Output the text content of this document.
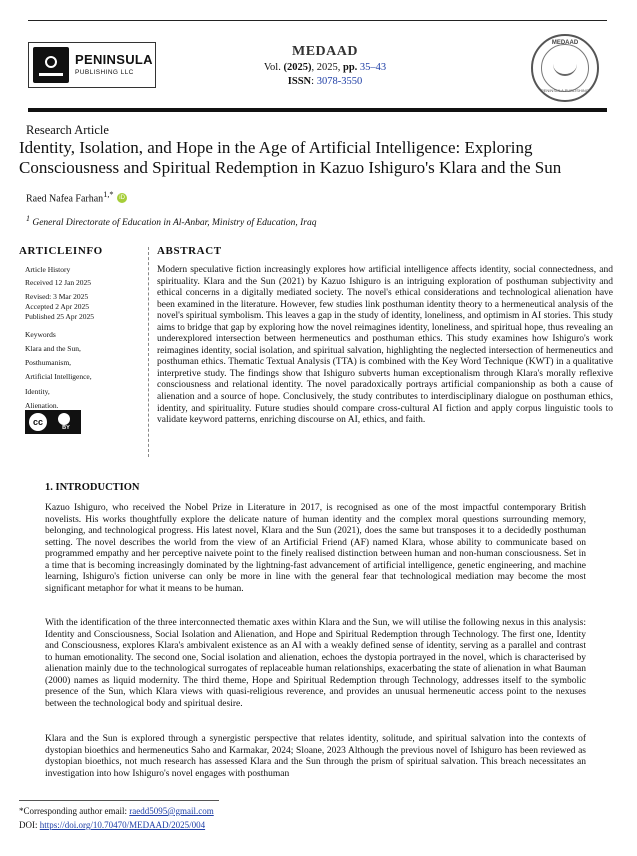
PENINSULA
PUBLISHING LLC
MEDAAD
Vol. (2025), 2025, pp. 35–43
ISSN: 3078-3550
MEDAAD
PENINSULA PUBLISHING
Research Article
Identity, Isolation, and Hope in the Age of Artificial Intelligence: Exploring Consciousness and Spiritual Redemption in Kazuo Ishiguro's Klara and the Sun
Raed Nafea Farhan$^{1,*}$ iD
$^1$ General Directorate of Education in Al-Anbar, Ministry of Education, Iraq
ARTICLEINFO
Article History
Received 12 Jan 2025
Revised: 3 Mar 2025
Accepted 2 Apr 2025
Published 25 Apr 2025
Keywords
Klara and the Sun,
Posthumanism,
Artificial Intelligence,
Identity,
Alienation.
cc
BY
ABSTRACT
Modern speculative fiction increasingly explores how artificial intelligence affects identity, social connectedness, and spirituality. Klara and the Sun (2021) by Kazuo Ishiguro is an intriguing exploration of posthuman subjectivity and ethical concerns in a digitally mediated society. The novel's ethical considerations and technological alienation have been examined in the literature. However, few studies link posthuman identity theory to a hermeneutical analysis of the novel's spiritual symbolism. This leaves a gap in the study of identity, loneliness, and optimism in AI stories. This study aims to bridge that gap by exploring how the novel reimagines identity, loneliness, and spiritual hope, thus revealing an underexplored intersection between hermeneutics and posthuman ethics. This study examines how Ishiguro's work reimagines identity, social isolation, and spiritual salvation, highlighting the neglected intersection of hermeneutics and posthuman ethics. Thematic Textual Analysis (TTA) is combined with the Key Word Technique (KWT) in a qualitative interpretive study. The findings show that Ishiguro subverts human exceptionalism through Klara's morally reflexive consciousness and relational identity. The novel paradoxically portrays artificial companionship as both a cause of alienation and a source of hope. Conclusively, the study contributes to interdisciplinary dialogue on posthuman ethics, identity, and spirituality. Future studies should compare cross-cultural AI fiction and apply corpus linguistic tools to validate keyword patterns, enriching discourse on AI, ethics, and faith.
1. INTRODUCTION
Kazuo Ishiguro, who received the Nobel Prize in Literature in 2017, is recognised as one of the most impactful contemporary British novelists. His works thoughtfully explore the delicate nature of human identity and the complex moral questions surrounding memory, belonging, and technological progress. His latest novel, Klara and the Sun (2021), does the same but transposes it to a decidedly posthuman setting. The novel describes the world from the view of an Artificial Friend (AF) named Klara, whose ability to communicate based on programmed empathy and her perceptive naivete point to the finely realised distinction between human and non-human consciousness. Set in a time that is becoming increasingly dominated by the lightning-fast advancement of artificial intelligence, genetic engineering, and machine learning, Ishiguro's fiction universe can only be more in line with the general fear that technological mediation may become the most significant metaphor for what it means to be human.
With the identification of the three interconnected thematic axes within Klara and the Sun, we will utilise the following nexus in this analysis: Identity and Consciousness, Social Isolation and Alienation, and Hope and Spiritual Redemption through Technology. The first one, Identity and Consciousness, explores Klara's ambivalent existence as an AI with a weakly defined sense of identity, serving as a parallel and contrast to human emotionality. The second one, Social isolation and alienation, echoes the dystopia portrayed in the novel, which is characterised by alienation mainly due to the technological surrogates of replaceable human relationships, exacerbating the state of alienation in what Bauman (2000) names as liquid modernity. The third theme, Hope and Spiritual Redemption through Technology, addresses itself to the symbolic presence of the Sun, which Klara views with quasi-religious reverence, and provides an unusual hermeneutic access point to the nexuses between the technological body and spiritual desire.
Klara and the Sun is explored through a synergistic perspective that relates identity, solitude, and spiritual salvation into the contexts of dystopian bioethics and hermeneutics Saho and Karmakar, 2024; Sloane, 2023 Although the previous novel of Ishiguro has been reviewed as dystopian bioethics, not much research has assessed Klara and the Sun through the prism of spiritual salvation. This breach necessitates an investigation into how Ishiguro's novel engages with posthuman
*Corresponding author email: raedd5095@gmail.com
DOI: https://doi.org/10.70470/MEDAAD/2025/004
